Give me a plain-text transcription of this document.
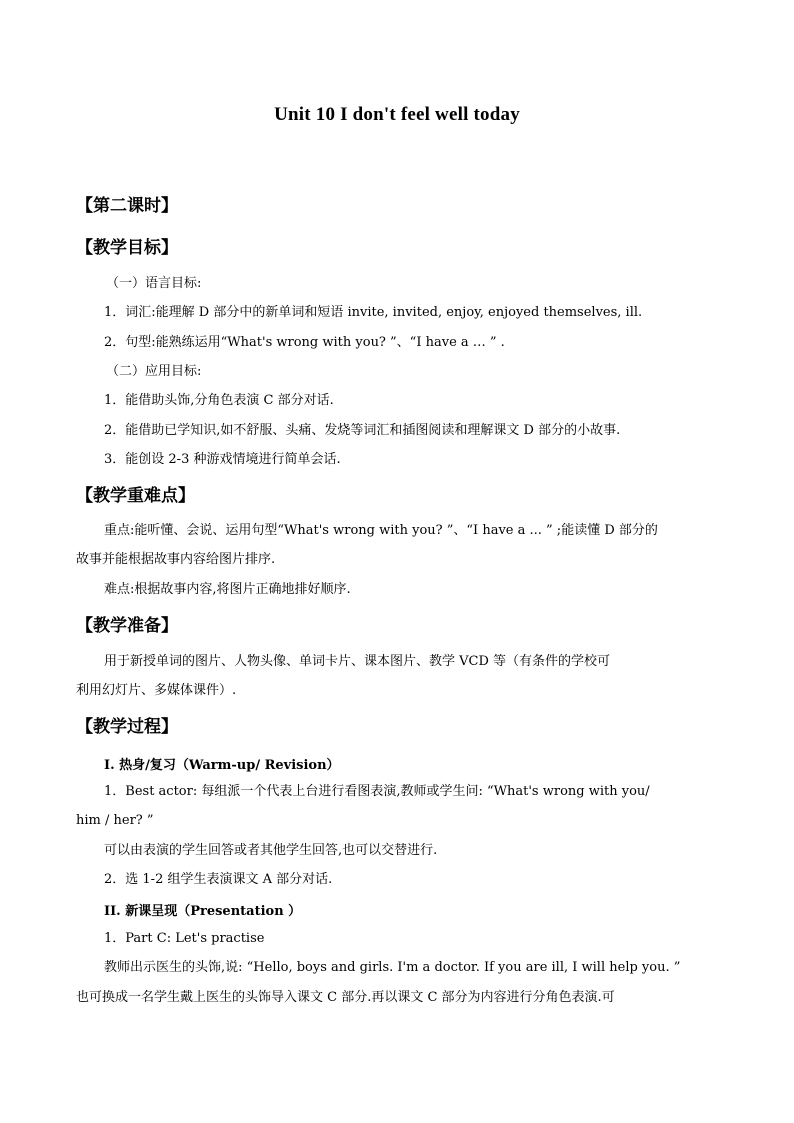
Unit 10 I don't feel well today
【第二课时】
【教学目标】
（一）语言目标:
1．词汇:能理解 D 部分中的新单词和短语 invite, invited, enjoy, enjoyed themselves, ill.
2．句型:能熟练运用“What's wrong with you? ”、“I have a … ” .
（二）应用目标:
1．能借助头饰,分角色表演 C 部分对话.
2．能借助已学知识,如不舒服、头痛、发烧等词汇和插图阅读和理解课文 D 部分的小故事.
3．能创设 2-3 种游戏情境进行简单会话.
【教学重难点】
重点:能听懂、会说、运用句型“What's wrong with you? ”、“I have a ... ” ;能读懂 D 部分的
故事并能根据故事内容给图片排序.
难点:根据故事内容,将图片正确地排好顺序.
【教学准备】
用于新授单词的图片、人物头像、单词卡片、课本图片、教学 VCD 等（有条件的学校可
利用幻灯片、多媒体课件）.
【教学过程】
I. 热身/复习（Warm-up/ Revision）
1．Best actor: 每组派一个代表上台进行看图表演,教师或学生问: “What's wrong with you/
him / her? ”
可以由表演的学生回答或者其他学生回答,也可以交替进行.
2．选 1-2 组学生表演课文 A 部分对话.
II. 新课呈现（Presentation ）
1．Part C: Let's practise
教师出示医生的头饰,说: “Hello, boys and girls. I'm a doctor. If you are ill, I will help you. ”
也可换成一名学生戴上医生的头饰导入课文 C 部分.再以课文 C 部分为内容进行分角色表演.可
